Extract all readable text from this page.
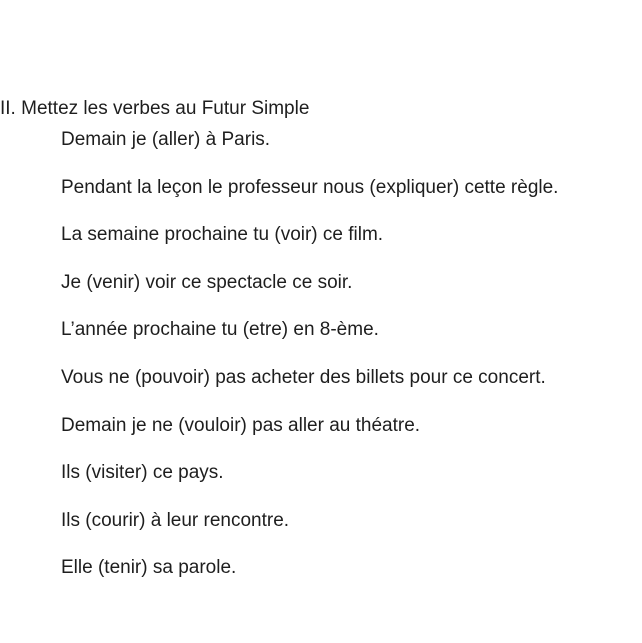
II. Mettez les verbes au Futur Simple
Demain je (aller) à Paris.
Pendant la leçon le professeur nous (expliquer) cette règle.
La semaine prochaine tu (voir) ce film.
Je (venir) voir ce spectacle ce soir.
L’année prochaine tu (etre) en 8-ème.
Vous ne (pouvoir) pas acheter des billets pour ce concert.
Demain je ne (vouloir) pas aller au théatre.
Ils (visiter) ce pays.
Ils (courir) à leur rencontre.
Elle (tenir) sa parole.
